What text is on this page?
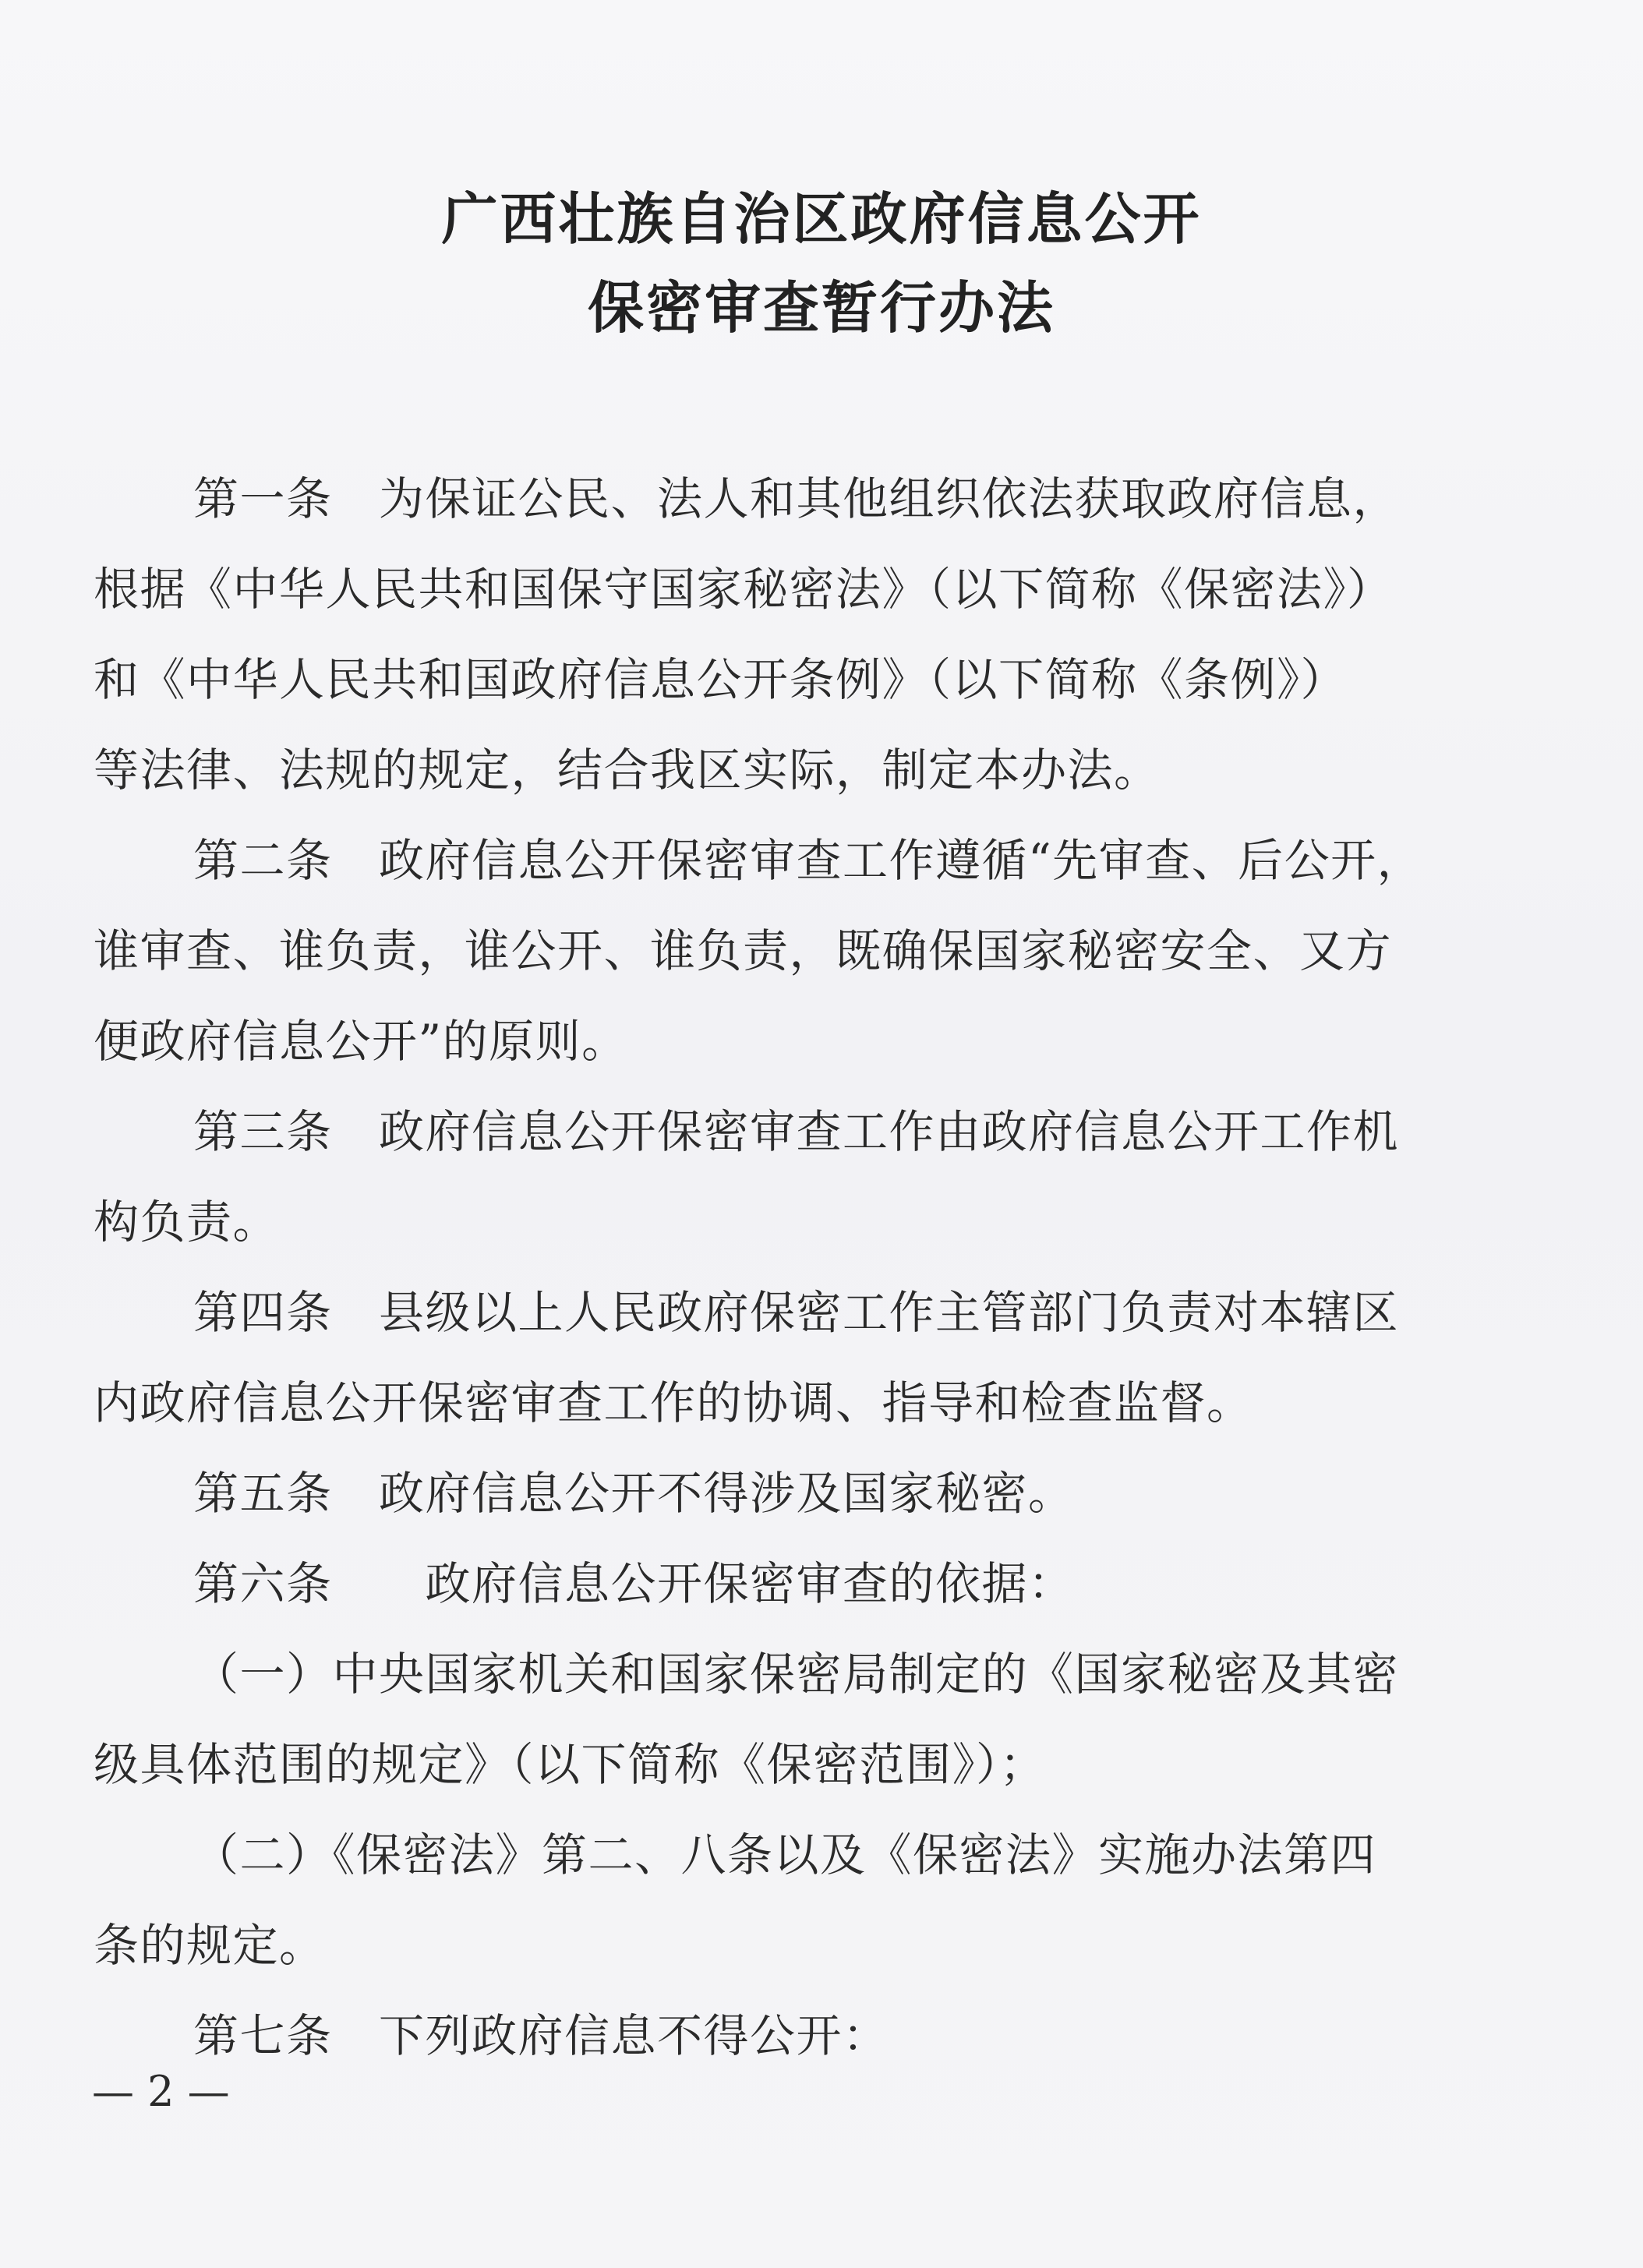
广西壮族自治区政府信息公开
保密审查暂行办法
第一条　为保证公民、法人和其他组织依法获取政府信息，
根据《中华人民共和国保守国家秘密法》（以下简称《保密法》）
和《中华人民共和国政府信息公开条例》（以下简称《条例》）
等法律、法规的规定，结合我区实际，制定本办法。
第二条　政府信息公开保密审查工作遵循“先审查、后公开，
谁审查、谁负责，谁公开、谁负责，既确保国家秘密安全、又方
便政府信息公开”的原则。
第三条　政府信息公开保密审查工作由政府信息公开工作机
构负责。
第四条　县级以上人民政府保密工作主管部门负责对本辖区
内政府信息公开保密审查工作的协调、指导和检查监督。
第五条　政府信息公开不得涉及国家秘密。
第六条　　政府信息公开保密审查的依据：
（一）中央国家机关和国家保密局制定的《国家秘密及其密
级具体范围的规定》（以下简称《保密范围》）；
（二）《保密法》第二、八条以及《保密法》实施办法第四
条的规定。
第七条　下列政府信息不得公开：
— 2 —
